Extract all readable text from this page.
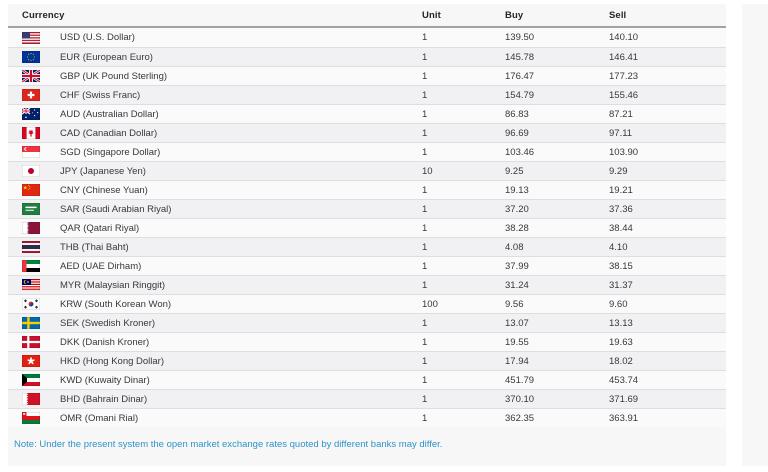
Currency	Unit	Buy	Sell
USD (U.S. Dollar)	1	139.50	140.10
EUR (European Euro)	1	145.78	146.41
GBP (UK Pound Sterling)	1	176.47	177.23
CHF (Swiss Franc)	1	154.79	155.46
AUD (Australian Dollar)	1	86.83	87.21
CAD (Canadian Dollar)	1	96.69	97.11
SGD (Singapore Dollar)	1	103.46	103.90
JPY (Japanese Yen)	10	9.25	9.29
CNY (Chinese Yuan)	1	19.13	19.21
SAR (Saudi Arabian Riyal)	1	37.20	37.36
QAR (Qatari Riyal)	1	38.28	38.44
THB (Thai Baht)	1	4.08	4.10
AED (UAE Dirham)	1	37.99	38.15
MYR (Malaysian Ringgit)	1	31.24	31.37
KRW (South Korean Won)	100	9.56	9.60
SEK (Swedish Kroner)	1	13.07	13.13
DKK (Danish Kroner)	1	19.55	19.63
HKD (Hong Kong Dollar)	1	17.94	18.02
KWD (Kuwaity Dinar)	1	451.79	453.74
BHD (Bahrain Dinar)	1	370.10	371.69
OMR (Omani Rial)	1	362.35	363.91
Note: Under the present system the open market exchange rates quoted by different banks may differ.
